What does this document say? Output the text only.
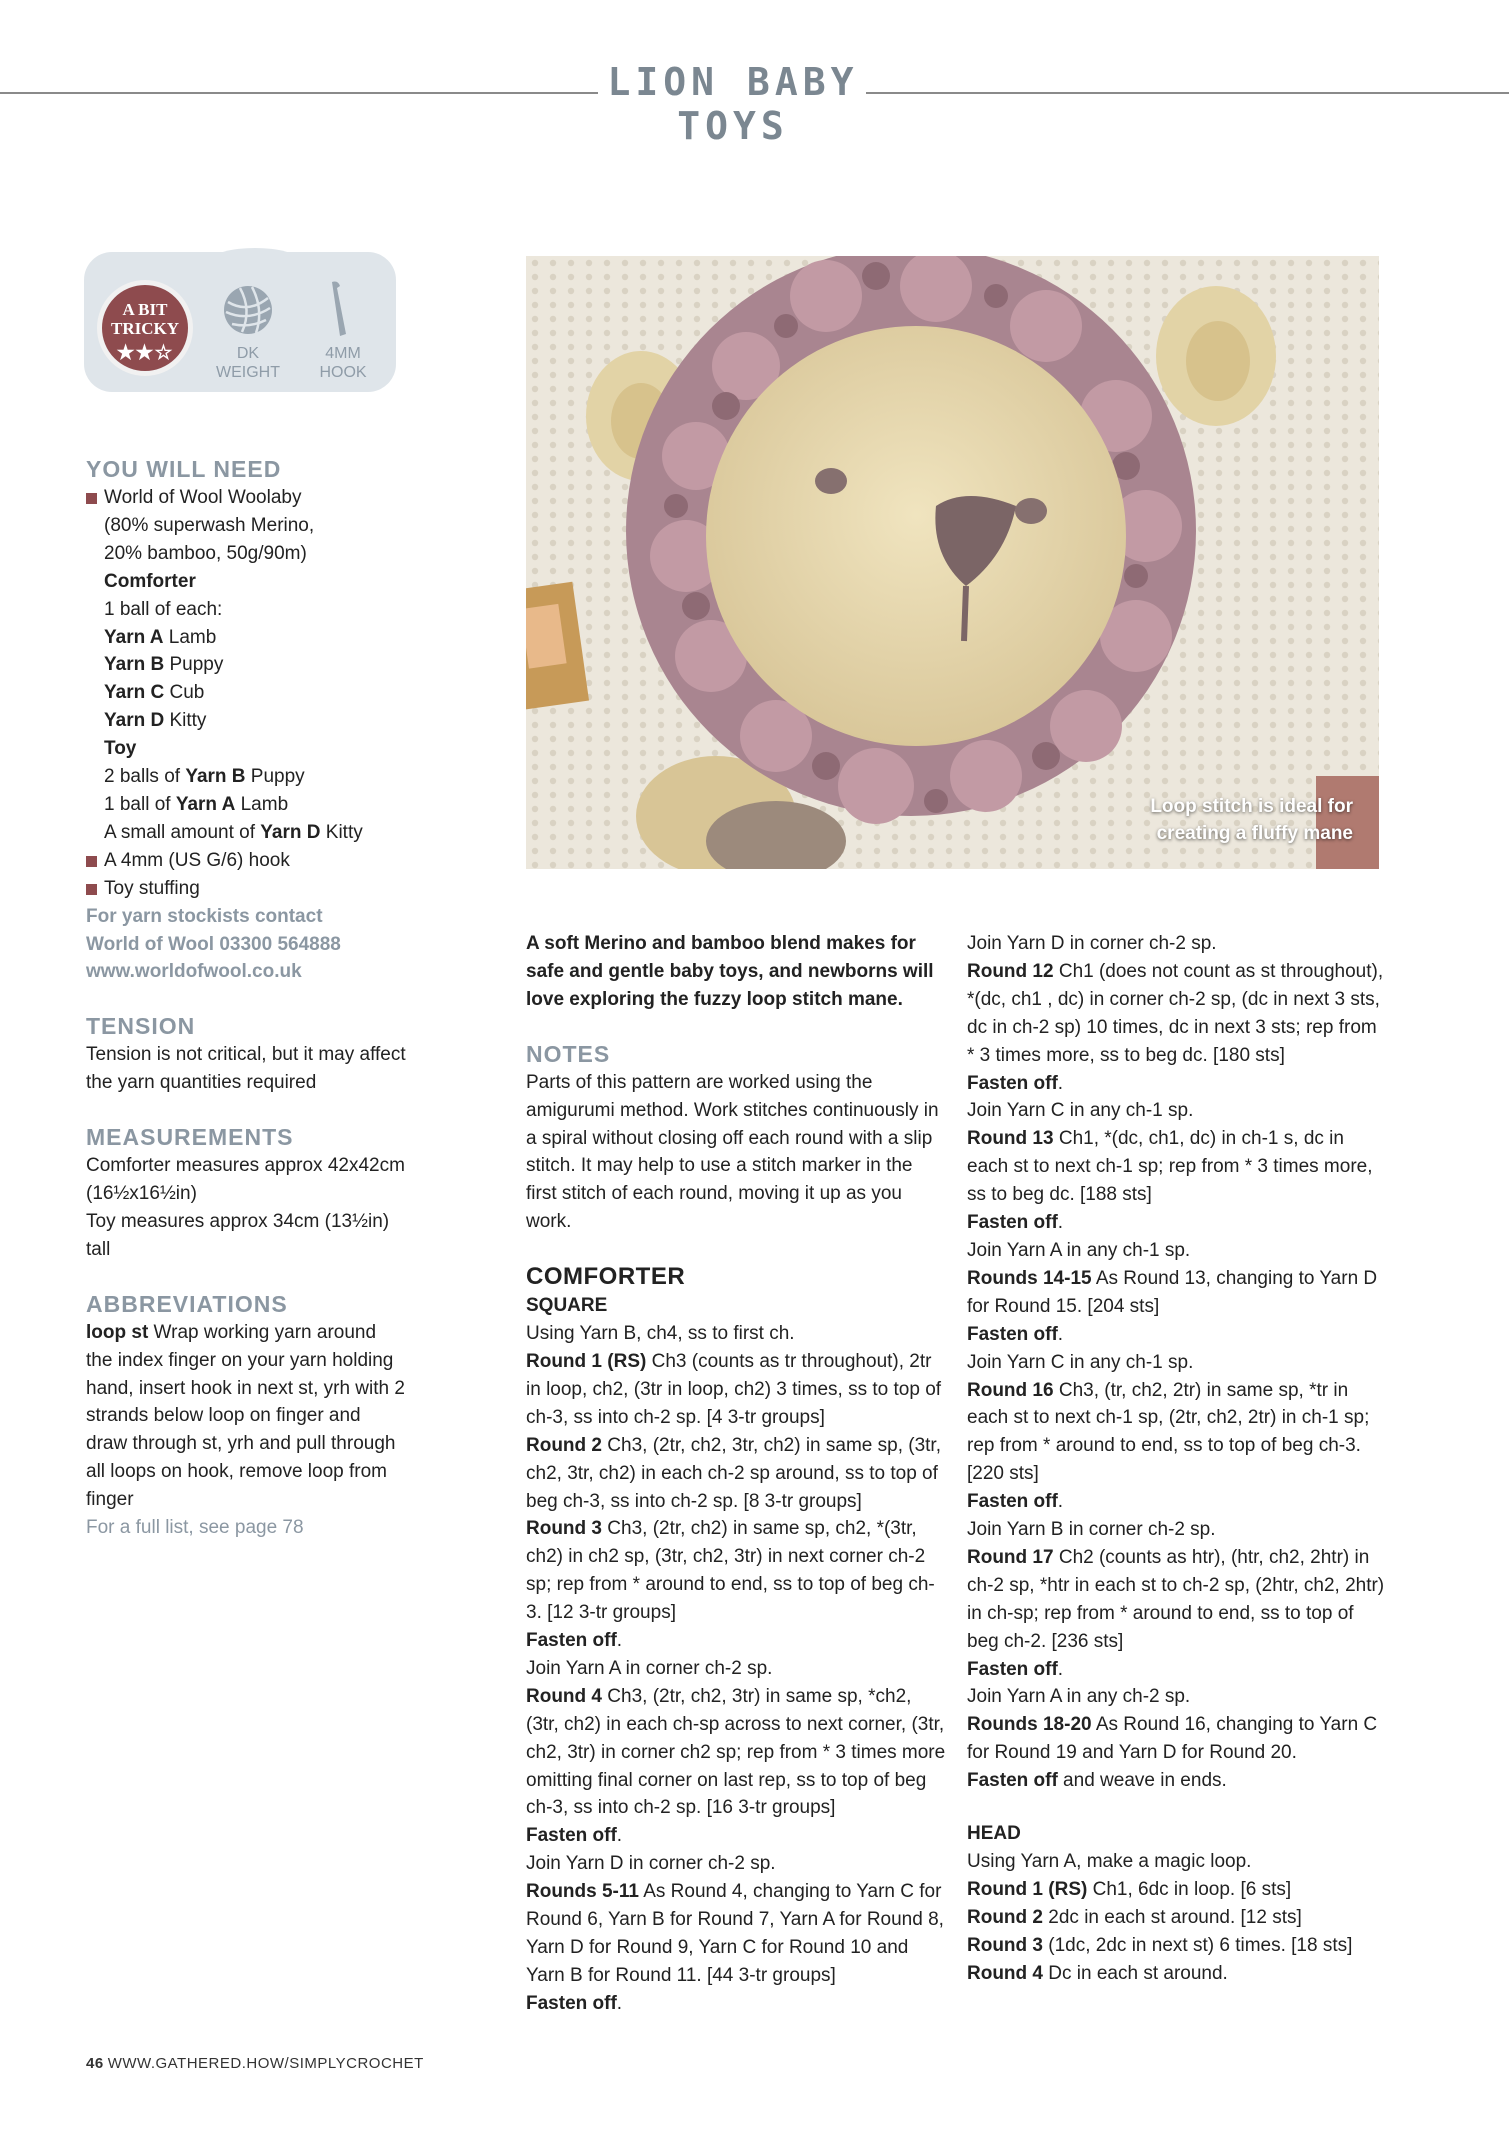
LION BABY TOYS
A BIT
TRICKY
★★☆	DK
WEIGHT
4MM
HOOK
YOU WILL NEED
World of Wool Woolaby
(80% superwash Merino,
20% bamboo, 50g/90m)
Comforter
1 ball of each:
Yarn A Lamb
Yarn B Puppy
Yarn C Cub
Yarn D Kitty
Toy
2 balls of Yarn B Puppy
1 ball of Yarn A Lamb
A small amount of Yarn D Kitty
A 4mm (US G/6) hook
Toy stuffing
For yarn stockists contact
World of Wool 03300 564888
www.worldofwool.co.uk
TENSION

Tension is not critical, but it may affect the yarn quantities required

MEASUREMENTS

Comforter measures approx 42x42cm (16½x16½in)

Toy measures approx 34cm (13½in) tall

ABBREVIATIONS

loop st Wrap working yarn around the index finger on your yarn holding hand, insert hook in next st, yrh with 2 strands below loop on finger and draw through st, yrh and pull through all loops on hook, remove loop from finger

For a full list, see page 78

Loop stitch is ideal for
creating a fluffy mane

A soft Merino and bamboo blend makes for safe and gentle baby toys, and newborns will love exploring the fuzzy loop stitch mane.

NOTES

Parts of this pattern are worked using the amigurumi method. Work stitches continuously in a spiral without closing off each round with a slip stitch. It may help to use a stitch marker in the first stitch of each round, moving it up as you work.

COMFORTER
SQUARE

Using Yarn B, ch4, ss to first ch.

Round 1 (RS) Ch3 (counts as tr throughout), 2tr in loop, ch2, (3tr in loop, ch2) 3 times, ss to top of ch-3, ss into ch-2 sp. [4 3-tr groups]

Round 2 Ch3, (2tr, ch2, 3tr, ch2) in same sp, (3tr, ch2, 3tr, ch2) in each ch-2 sp around, ss to top of beg ch-3, ss into ch-2 sp. [8 3-tr groups]

Round 3 Ch3, (2tr, ch2) in same sp, ch2, *(3tr, ch2) in ch2 sp, (3tr, ch2, 3tr) in next corner ch-2 sp; rep from * around to end, ss to top of beg ch-3. [12 3-tr groups]

Fasten off.

Join Yarn A in corner ch-2 sp.

Round 4 Ch3, (2tr, ch2, 3tr) in same sp, *ch2, (3tr, ch2) in each ch-sp across to next corner, (3tr, ch2, 3tr) in corner ch2 sp; rep from * 3 times more omitting final corner on last rep, ss to top of beg ch-3, ss into ch-2 sp. [16 3-tr groups]

Fasten off.

Join Yarn D in corner ch-2 sp.

Rounds 5-11 As Round 4, changing to Yarn C for Round 6, Yarn B for Round 7, Yarn A for Round 8, Yarn D for Round 9, Yarn C for Round 10 and Yarn B for Round 11. [44 3-tr groups]

Fasten off.

Join Yarn D in corner ch-2 sp.

Round 12 Ch1 (does not count as st throughout), *(dc, ch1 , dc) in corner ch-2 sp, (dc in next 3 sts, dc in ch-2 sp) 10 times, dc in next 3 sts; rep from * 3 times more, ss to beg dc. [180 sts]

Fasten off.

Join Yarn C in any ch-1 sp.

Round 13 Ch1, *(dc, ch1, dc) in ch-1 s, dc in each st to next ch-1 sp; rep from * 3 times more, ss to beg dc. [188 sts]

Fasten off.

Join Yarn A in any ch-1 sp.

Rounds 14-15 As Round 13, changing to Yarn D for Round 15. [204 sts]

Fasten off.

Join Yarn C in any ch-1 sp.

Round 16 Ch3, (tr, ch2, 2tr) in same sp, *tr in each st to next ch-1 sp, (2tr, ch2, 2tr) in ch-1 sp; rep from * around to end, ss to top of beg ch-3. [220 sts]

Fasten off.

Join Yarn B in corner ch-2 sp.

Round 17 Ch2 (counts as htr), (htr, ch2, 2htr) in ch-2 sp, *htr in each st to ch-2 sp, (2htr, ch2, 2htr) in ch-sp; rep from * around to end, ss to top of beg ch-2. [236 sts]

Fasten off.

Join Yarn A in any ch-2 sp.

Rounds 18-20 As Round 16, changing to Yarn C for Round 19 and Yarn D for Round 20.

Fasten off and weave in ends.

HEAD

Using Yarn A, make a magic loop.

Round 1 (RS) Ch1, 6dc in loop. [6 sts]

Round 2 2dc in each st around. [12 sts]

Round 3 (1dc, 2dc in next st) 6 times. [18 sts]

Round 4 Dc in each st around.

46 WWW.GATHERED.HOW/SIMPLYCROCHET
